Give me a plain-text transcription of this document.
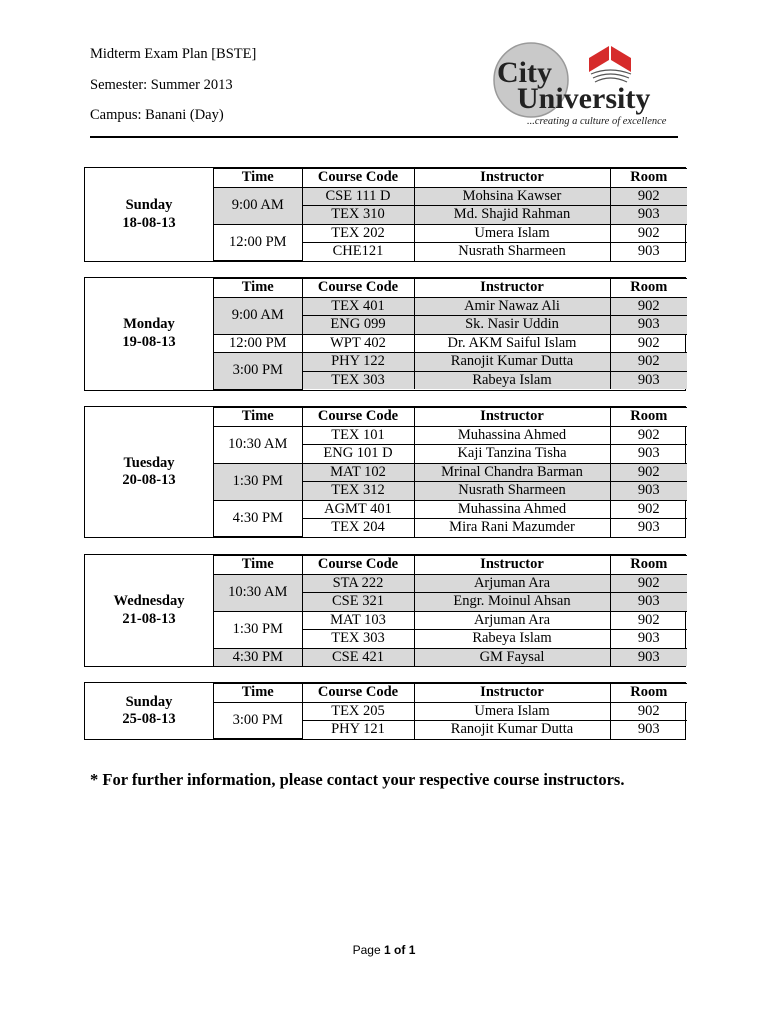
Midterm Exam Plan [BSTE]
Semester: Summer 2013
Campus: Banani (Day)
City
University
...creating a culture of excellence
Sunday
18-08-13
Time	Course Code	Instructor	Room
9:00 AM	CSE 111 D	Mohsina Kawser	902
	TEX 310	Md. Shajid Rahman	903
12:00 PM	TEX 202	Umera Islam	902
	CHE121	Nusrath Sharmeen	903
Monday
19-08-13
Time	Course Code	Instructor	Room
9:00 AM	TEX 401	Amir Nawaz Ali	902
	ENG 099	Sk. Nasir Uddin	903
12:00 PM	WPT 402	Dr. AKM Saiful Islam	902
3:00 PM	PHY 122	Ranojit Kumar Dutta	902
	TEX 303	Rabeya Islam	903
Tuesday
20-08-13
Time	Course Code	Instructor	Room
10:30 AM	TEX 101	Muhassina Ahmed	902
	ENG 101 D	Kaji Tanzina Tisha	903
1:30 PM	MAT 102	Mrinal Chandra Barman	902
	TEX 312	Nusrath Sharmeen	903
4:30 PM	AGMT 401	Muhassina Ahmed	902
	TEX 204	Mira Rani Mazumder	903
Wednesday
21-08-13
Time	Course Code	Instructor	Room
10:30 AM	STA 222	Arjuman Ara	902
	CSE 321	Engr. Moinul Ahsan	903
1:30 PM	MAT 103	Arjuman Ara	902
	TEX 303	Rabeya Islam	903
4:30 PM	CSE 421	GM Faysal	903
Sunday
25-08-13
Time	Course Code	Instructor	Room
3:00 PM	TEX 205	Umera Islam	902
	PHY 121	Ranojit Kumar Dutta	903
* For further information, please contact your respective course instructors.
Page 1 of 1
